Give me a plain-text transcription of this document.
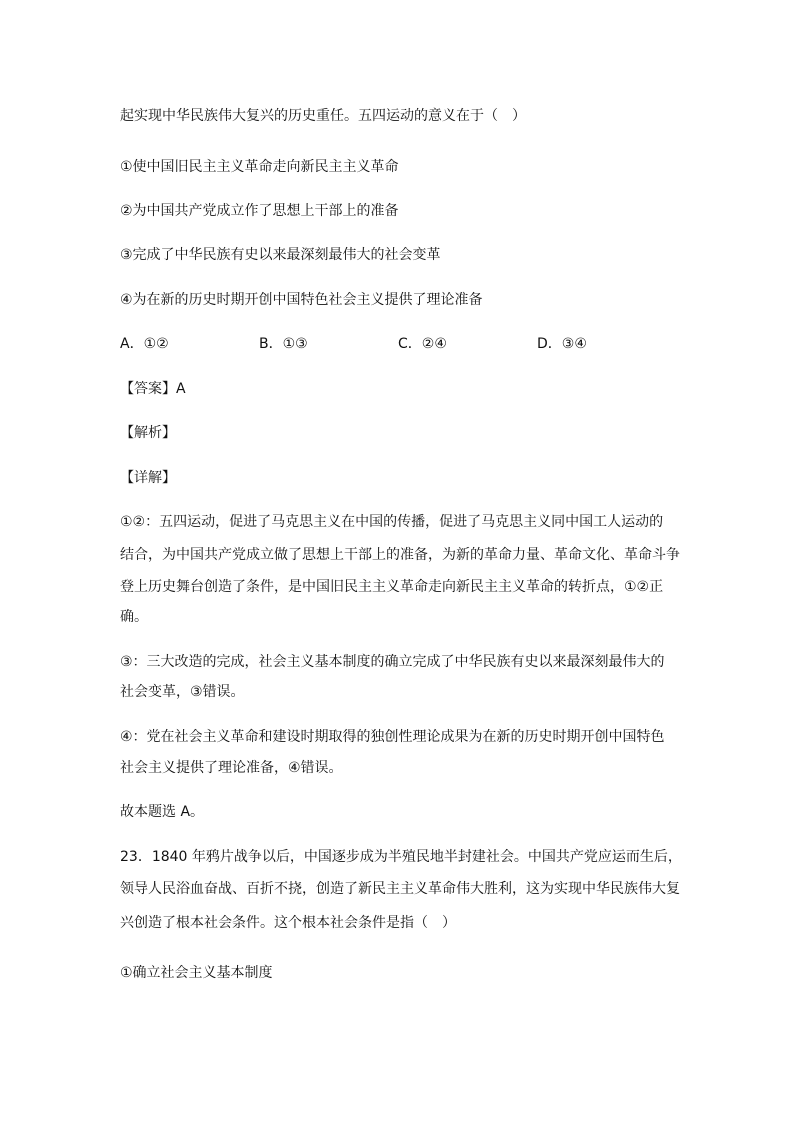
起实现中华民族伟大复兴的历史重任。五四运动的意义在于（　）
①使中国旧民主主义革命走向新民主主义革命
②为中国共产党成立作了思想上干部上的准备
③完成了中华民族有史以来最深刻最伟大的社会变革
④为在新的历史时期开创中国特色社会主义提供了理论准备
A．①②	B．①③	C．②④	D．③④
【答案】A
【解析】
【详解】
①②：五四运动，促进了马克思主义在中国的传播，促进了马克思主义同中国工人运动的
结合，为中国共产党成立做了思想上干部上的准备，为新的革命力量、革命文化、革命斗争
登上历史舞台创造了条件，是中国旧民主主义革命走向新民主主义革命的转折点，①②正
确。
③：三大改造的完成，社会主义基本制度的确立完成了中华民族有史以来最深刻最伟大的
社会变革，③错误。
④：党在社会主义革命和建设时期取得的独创性理论成果为在新的历史时期开创中国特色
社会主义提供了理论准备，④错误。
故本题选 A。
23．1840 年鸦片战争以后，中国逐步成为半殖民地半封建社会。中国共产党应运而生后，
领导人民浴血奋战、百折不挠，创造了新民主主义革命伟大胜利，这为实现中华民族伟大复
兴创造了根本社会条件。这个根本社会条件是指（　）
①确立社会主义基本制度
